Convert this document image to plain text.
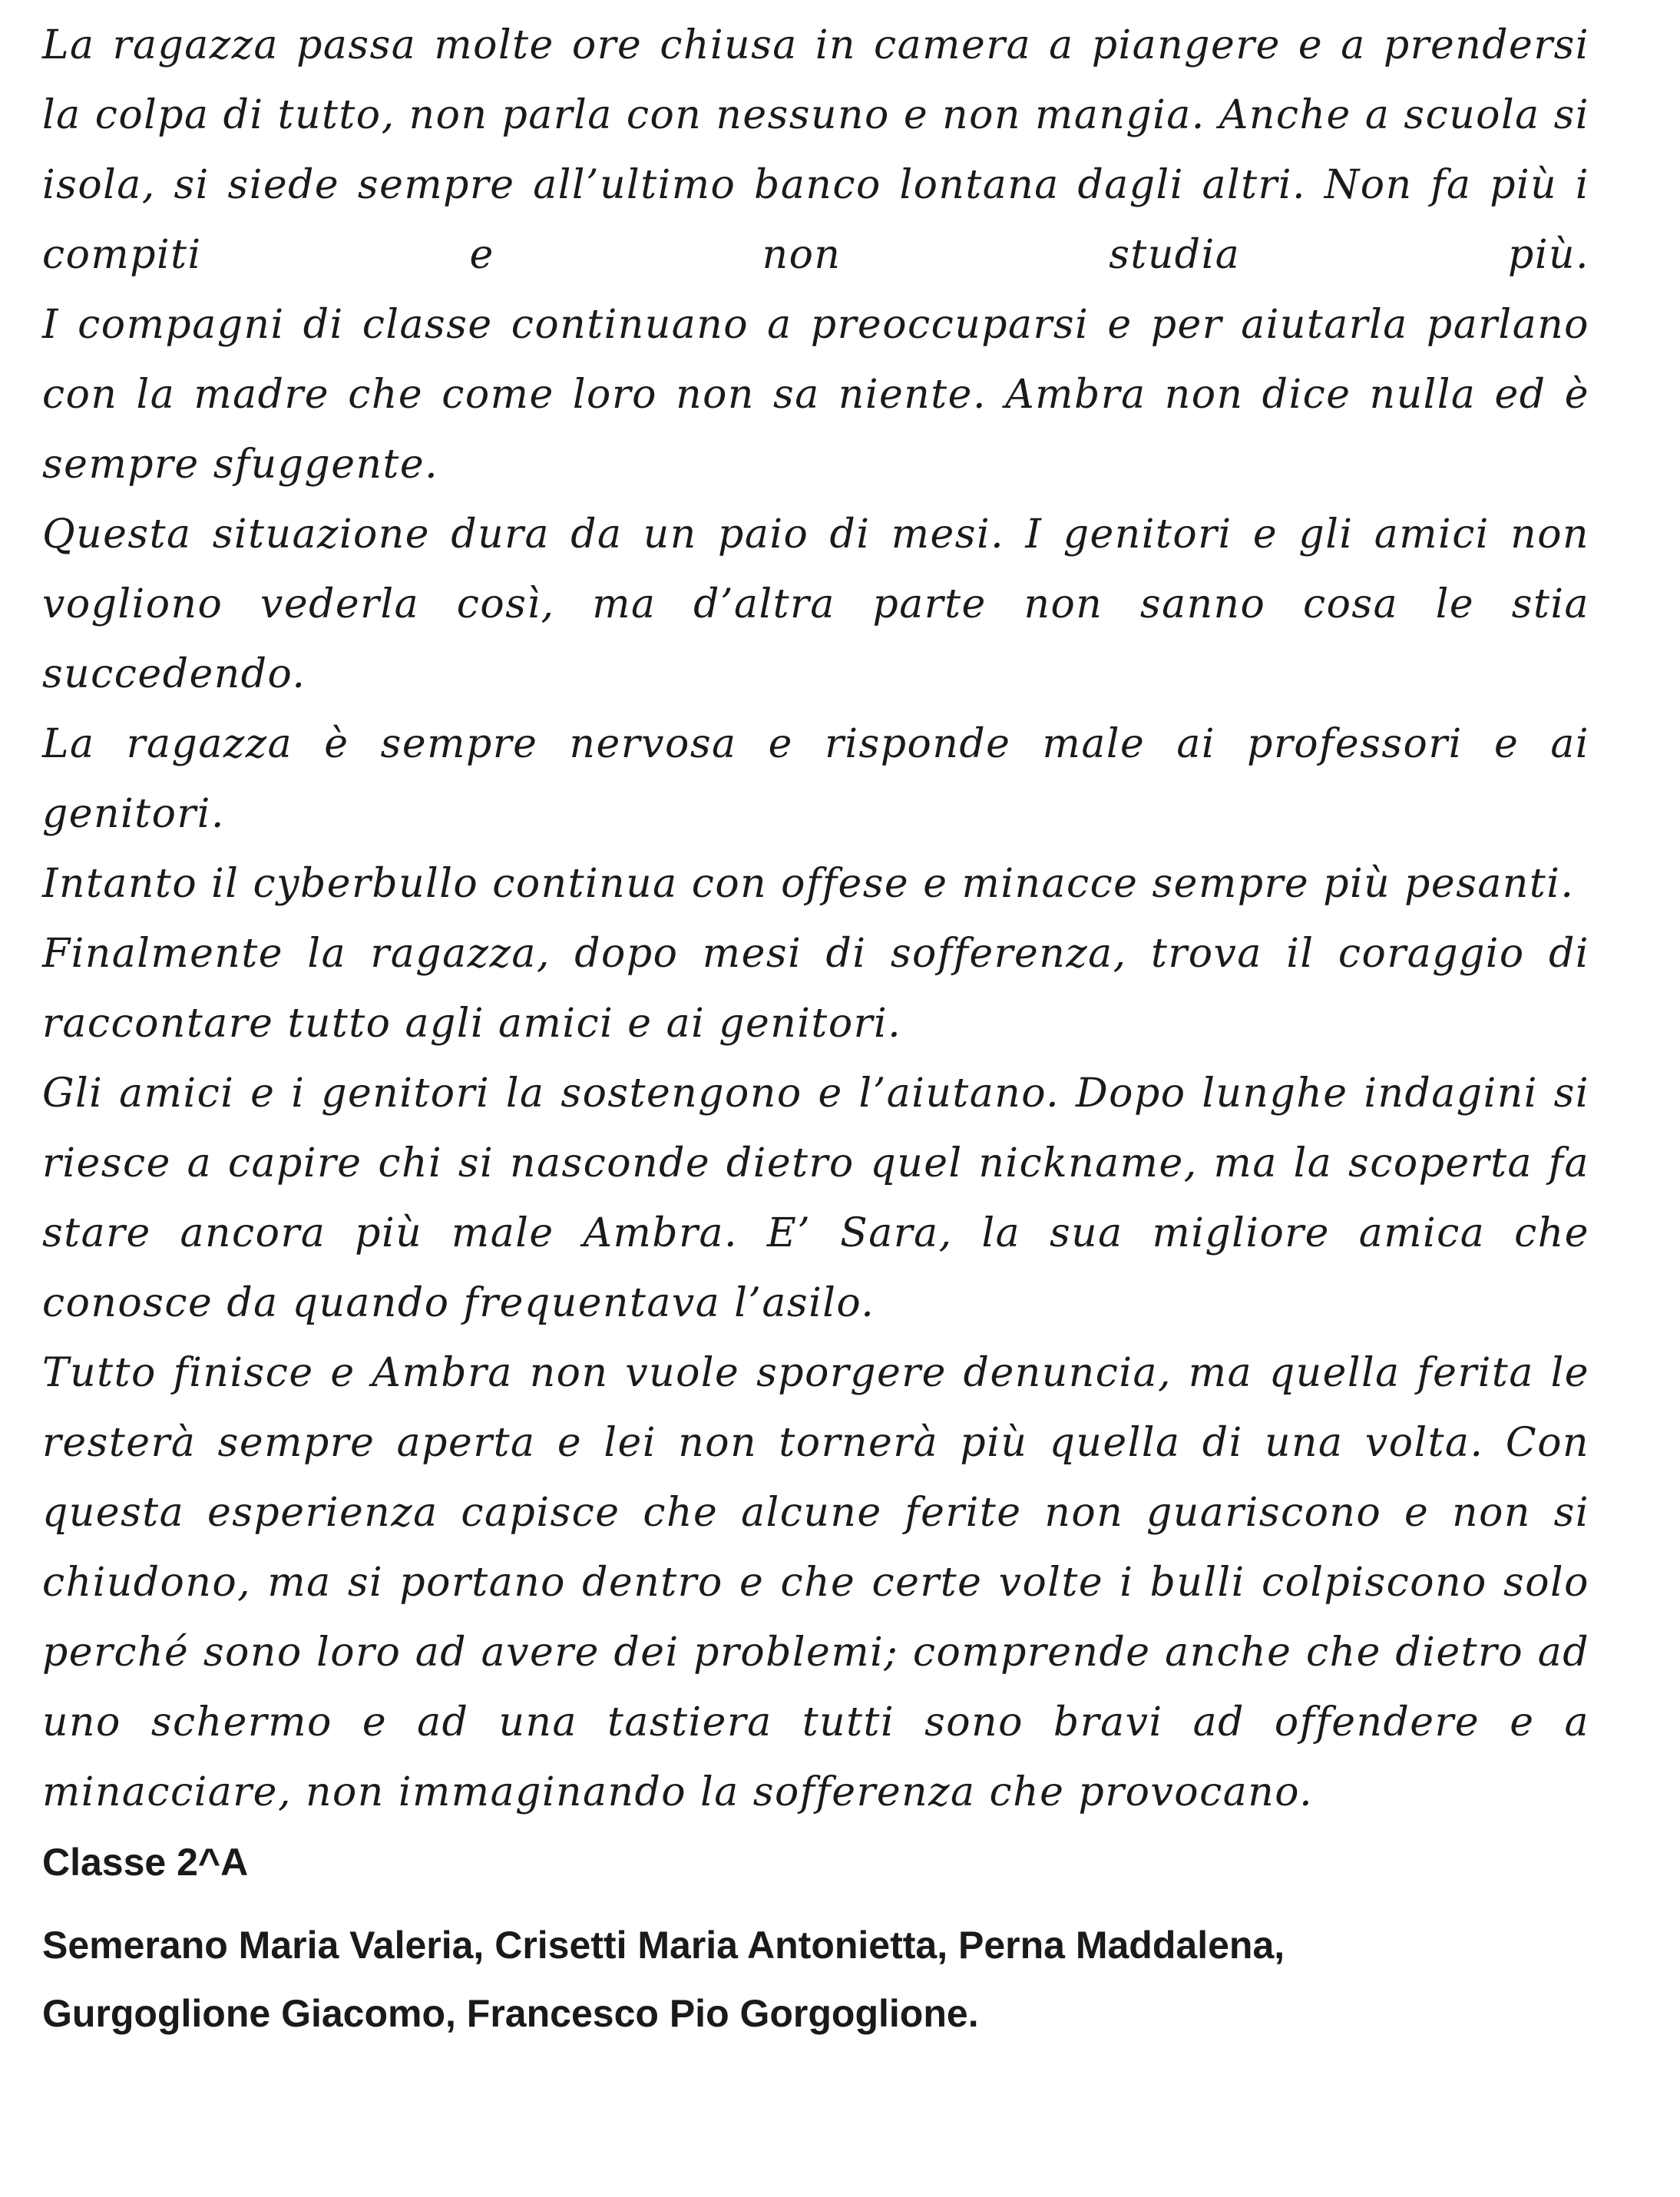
La ragazza passa molte ore chiusa in camera a piangere e a prendersi la colpa di tutto, non parla con nessuno e non mangia. Anche a scuola si isola, si siede sempre all’ultimo banco lontana dagli altri. Non fa più i compiti e non studia più.

I compagni di classe continuano a preoccuparsi e per aiutarla parlano con la madre che come loro non sa niente. Ambra non dice nulla ed è sempre sfuggente.

Questa situazione dura da un paio di mesi. I genitori e gli amici non vogliono vederla così, ma d’altra parte non sanno cosa le stia succedendo.

La ragazza è sempre nervosa e risponde male ai professori e ai genitori.

Intanto il cyberbullo continua con offese e minacce sempre più pesanti.

Finalmente la ragazza, dopo mesi di sofferenza, trova il coraggio di raccontare tutto agli amici e ai genitori.

Gli amici e i genitori la sostengono e l’aiutano. Dopo lunghe indagini si riesce a capire chi si nasconde dietro quel nickname, ma la scoperta fa stare ancora più male Ambra. E’ Sara, la sua migliore amica che conosce da quando frequentava l’asilo.

Tutto finisce e Ambra non vuole sporgere denuncia, ma quella ferita le resterà sempre aperta e lei non tornerà più quella di una volta. Con questa esperienza capisce che alcune ferite non guariscono e non si chiudono, ma si portano dentro e che certe volte i bulli colpiscono solo perché sono loro ad avere dei problemi; comprende anche che dietro ad uno schermo e ad una tastiera tutti sono bravi ad offendere e a minacciare, non immaginando la sofferenza che provocano.

Classe 2^A

Semerano Maria Valeria, Crisetti Maria Antonietta, Perna Maddalena,
Gurgoglione Giacomo, Francesco Pio Gorgoglione.
